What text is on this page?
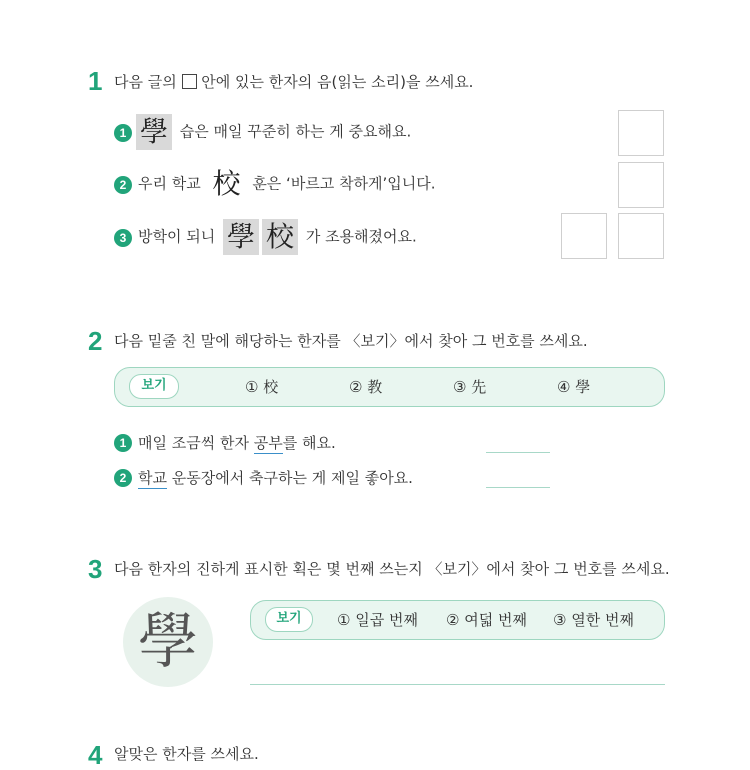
1 다음 글의 안에 있는 한자의 음(읽는 소리)을 쓰세요.
1 學 습은 매일 꾸준히 하는 게 중요해요.
2 우리 학교 校 훈은 ‘바르고 착하게’입니다.
3 방학이 되니 學 校 가 조용해졌어요.
2 다음 밑줄 친 말에 해당하는 한자를 〈보기〉에서 찾아 그 번호를 쓰세요.
보기	① 校	② 教	③ 先	④ 學
1 매일 조금씩 한자 공부를 해요.
2 학교 운동장에서 축구하는 게 제일 좋아요.
3 다음 한자의 진하게 표시한 획은 몇 번째 쓰는지 〈보기〉에서 찾아 그 번호를 쓰세요.
學	보기	① 일곱 번째 ② 여덟 번째 ③ 열한 번째
4 알맞은 한자를 쓰세요.
